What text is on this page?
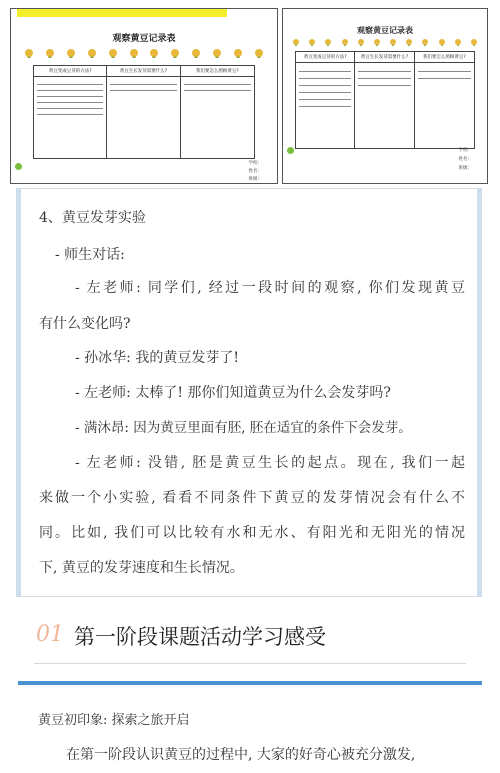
观察黄豆记录表
黄豆变成豆芽的方法?	黄豆生长发芽需要什么?	我们要怎么照顾黄豆?
学校:
姓名:
班级:
观察黄豆记录表
黄豆变成豆芽的方法?	黄豆生长发芽需要什么?	我们要怎么照顾黄豆?
学校:
姓名:
班级:
4、黄豆发芽实验
- 师生对话:
- 左老师: 同学们, 经过一段时间的观察, 你们发现黄豆
有什么变化吗?
- 孙冰华: 我的黄豆发芽了!
- 左老师: 太棒了! 那你们知道黄豆为什么会发芽吗?
- 满沐昂: 因为黄豆里面有胚, 胚在适宜的条件下会发芽。
- 左老师: 没错, 胚是黄豆生长的起点。现在, 我们一起
来做一个小实验, 看看不同条件下黄豆的发芽情况会有什么不
同。比如, 我们可以比较有水和无水、有阳光和无阳光的情况
下, 黄豆的发芽速度和生长情况。
01 第一阶段课题活动学习感受
黄豆初印象: 探索之旅开启
在第一阶段认识黄豆的过程中, 大家的好奇心被充分激发,
